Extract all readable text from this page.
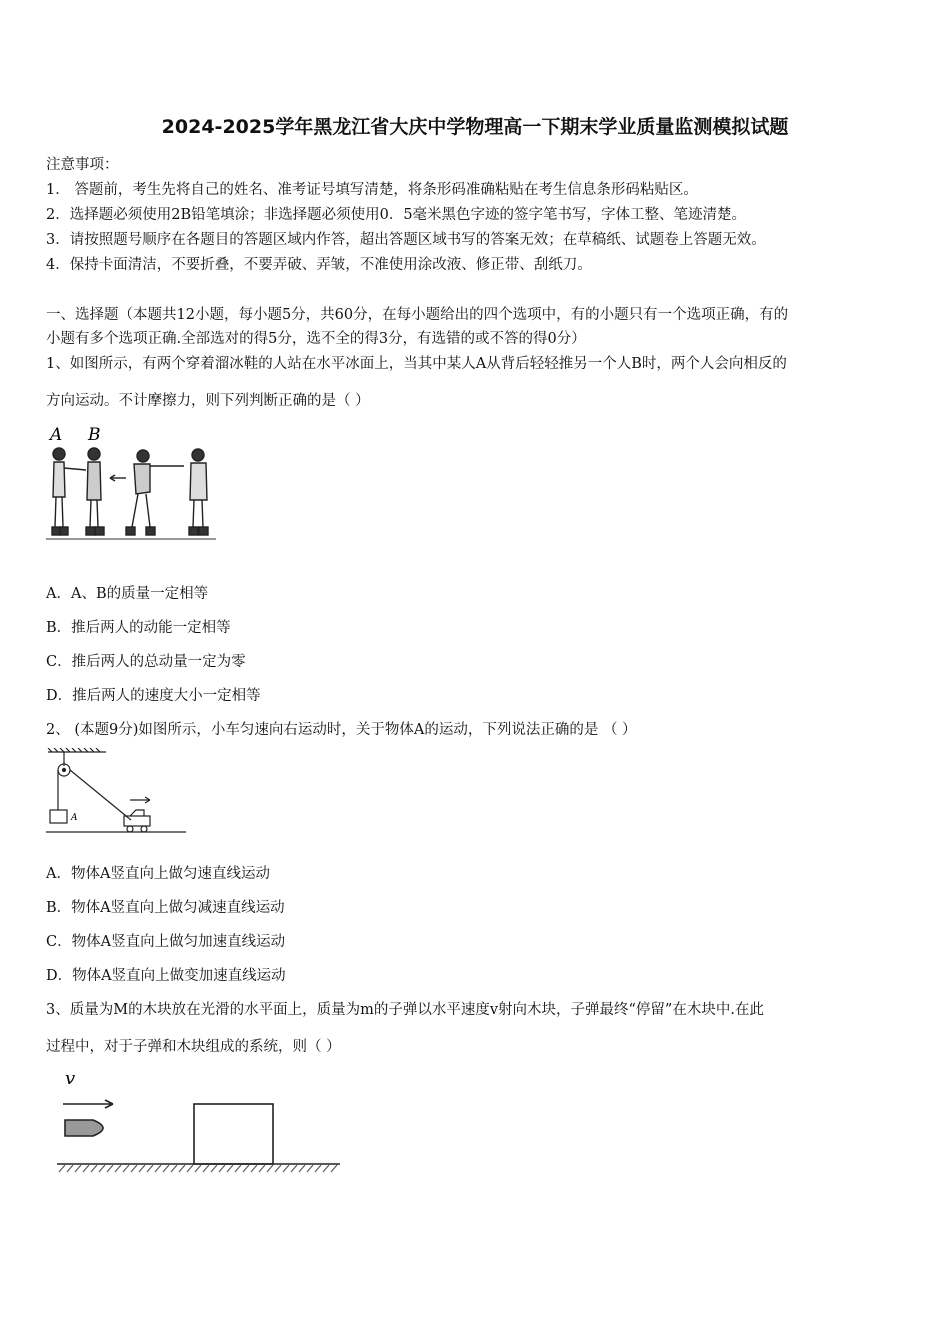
2024-2025学年黑龙江省大庆中学物理高一下期末学业质量监测模拟试题
注意事项：
1． 答题前，考生先将自己的姓名、准考证号填写清楚，将条形码准确粘贴在考生信息条形码粘贴区。
2．选择题必须使用2B铅笔填涂；非选择题必须使用0．5毫米黑色字迹的签字笔书写，字体工整、笔迹清楚。
3．请按照题号顺序在各题目的答题区域内作答，超出答题区域书写的答案无效；在草稿纸、试题卷上答题无效。
4．保持卡面清洁，不要折叠，不要弄破、弄皱，不准使用涂改液、修正带、刮纸刀。
一、选择题（本题共12小题，每小题5分，共60分，在每小题给出的四个选项中，有的小题只有一个选项正确，有的
小题有多个选项正确.全部选对的得5分，选不全的得3分，有选错的或不答的得0分）
1、如图所示，有两个穿着溜冰鞋的人站在水平冰面上，当其中某人A从背后轻轻推另一个人B时，两个人会向相反的
方向运动。不计摩擦力，则下列判断正确的是（ ）
A B
A．A、B的质量一定相等
B．推后两人的动能一定相等
C．推后两人的总动量一定为零
D．推后两人的速度大小一定相等
2、 (本题9分)如图所示，小车匀速向右运动时，关于物体A的运动，下列说法正确的是 （ ）
A
A．物体A竖直向上做匀速直线运动
B．物体A竖直向上做匀减速直线运动
C．物体A竖直向上做匀加速直线运动
D．物体A竖直向上做变加速直线运动
3、质量为M的木块放在光滑的水平面上，质量为m的子弹以水平速度v射向木块，子弹最终“停留”在木块中.在此
过程中，对于子弹和木块组成的系统，则（ ）
v
